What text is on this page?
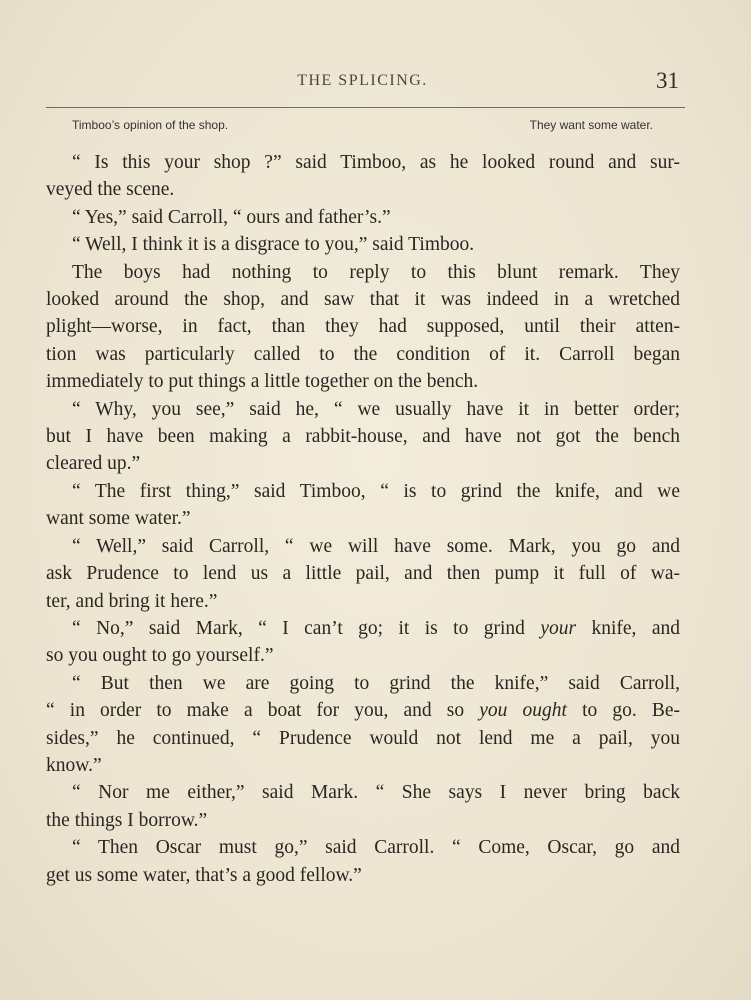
THE SPLICING.	31
Timboo’s opinion of the shop.	They want some water.
“ Is this your shop ?” said Timboo, as he looked round and sur-
veyed the scene.
“ Yes,” said Carroll, “ ours and father’s.”
“ Well, I think it is a disgrace to you,” said Timboo.
The boys had nothing to reply to this blunt remark. They
looked around the shop, and saw that it was indeed in a wretched
plight—worse, in fact, than they had supposed, until their atten-
tion was particularly called to the condition of it. Carroll began
immediately to put things a little together on the bench.
“ Why, you see,” said he, “ we usually have it in better order;
but I have been making a rabbit-house, and have not got the bench
cleared up.”
“ The first thing,” said Timboo, “ is to grind the knife, and we
want some water.”
“ Well,” said Carroll, “ we will have some. Mark, you go and
ask Prudence to lend us a little pail, and then pump it full of wa-
ter, and bring it here.”
“ No,” said Mark, “ I can’t go; it is to grind your knife, and
so you ought to go yourself.”
“ But then we are going to grind the knife,” said Carroll,
“ in order to make a boat for you, and so you ought to go. Be-
sides,” he continued, “ Prudence would not lend me a pail, you
know.”
“ Nor me either,” said Mark. “ She says I never bring back
the things I borrow.”
“ Then Oscar must go,” said Carroll. “ Come, Oscar, go and
get us some water, that’s a good fellow.”
